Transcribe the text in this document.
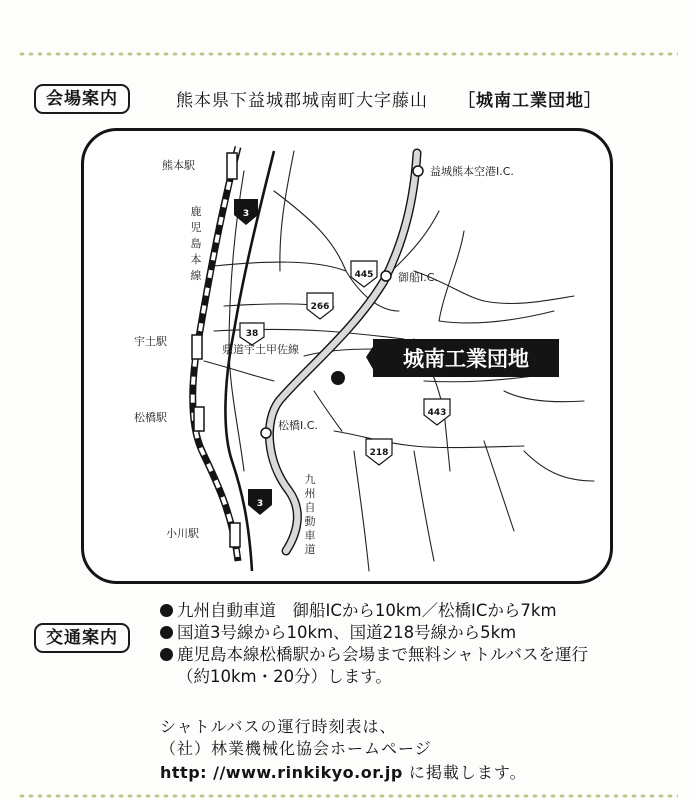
会場案内	熊本県下益城郡城南町大字藤山 ［城南工業団地］
3
3
445
266
38
443
218
城南工業団地
熊本駅
宇土駅
松橋駅
小川駅
益城熊本空港I.C.
御船I.C.
松橋I.C.
県道宇土甲佐線
鹿
児
島
本
線
九
州
自
動
車
道
交通案内
九州自動車道　御船ICから10km／松橋ICから7km
国道3号線から10km、国道218号線から5km
鹿児島本線松橋駅から会場まで無料シャトルバスを運行
（約10km・20分）します。
シャトルバスの運行時刻表は、
（社）林業機械化協会ホームページ
http: //www.rinkikyo.or.jp に掲載します。
